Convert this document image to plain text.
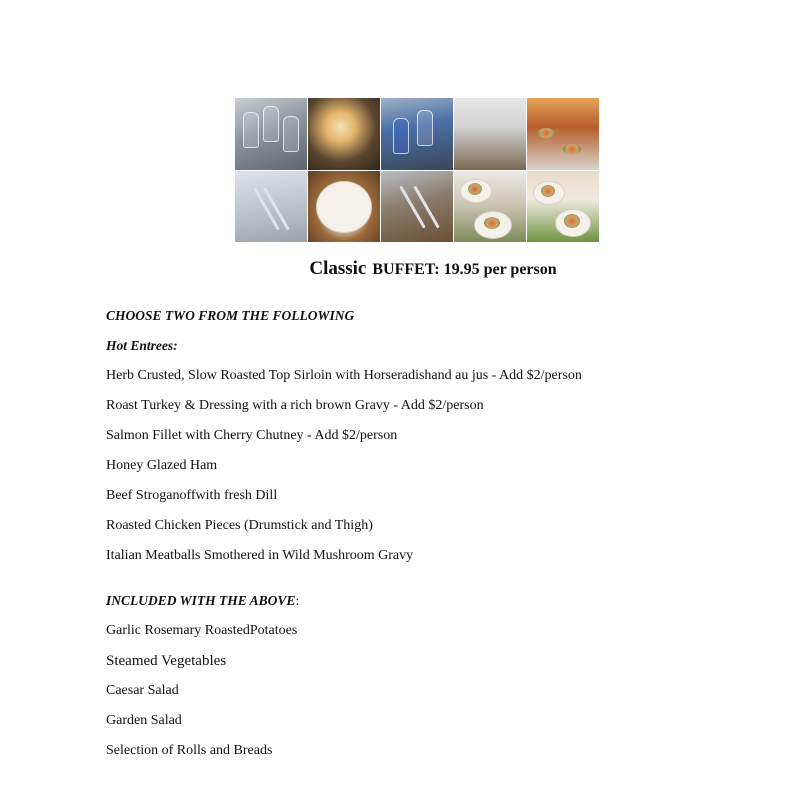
Classic BUFFET: 19.95 per person
CHOOSE TWO FROM THE FOLLOWING
Hot Entrees:
Herb Crusted, Slow Roasted Top Sirloin with Horseradishand au jus - Add $2/person
Roast Turkey & Dressing with a rich brown Gravy - Add $2/person
Salmon Fillet with Cherry Chutney - Add $2/person
Honey Glazed Ham
Beef Stroganoffwith fresh Dill
Roasted Chicken Pieces (Drumstick and Thigh)
Italian Meatballs Smothered in Wild Mushroom Gravy
INCLUDED WITH THE ABOVE:
Garlic Rosemary RoastedPotatoes
Steamed Vegetables
Caesar Salad
Garden Salad
Selection of Rolls and Breads
